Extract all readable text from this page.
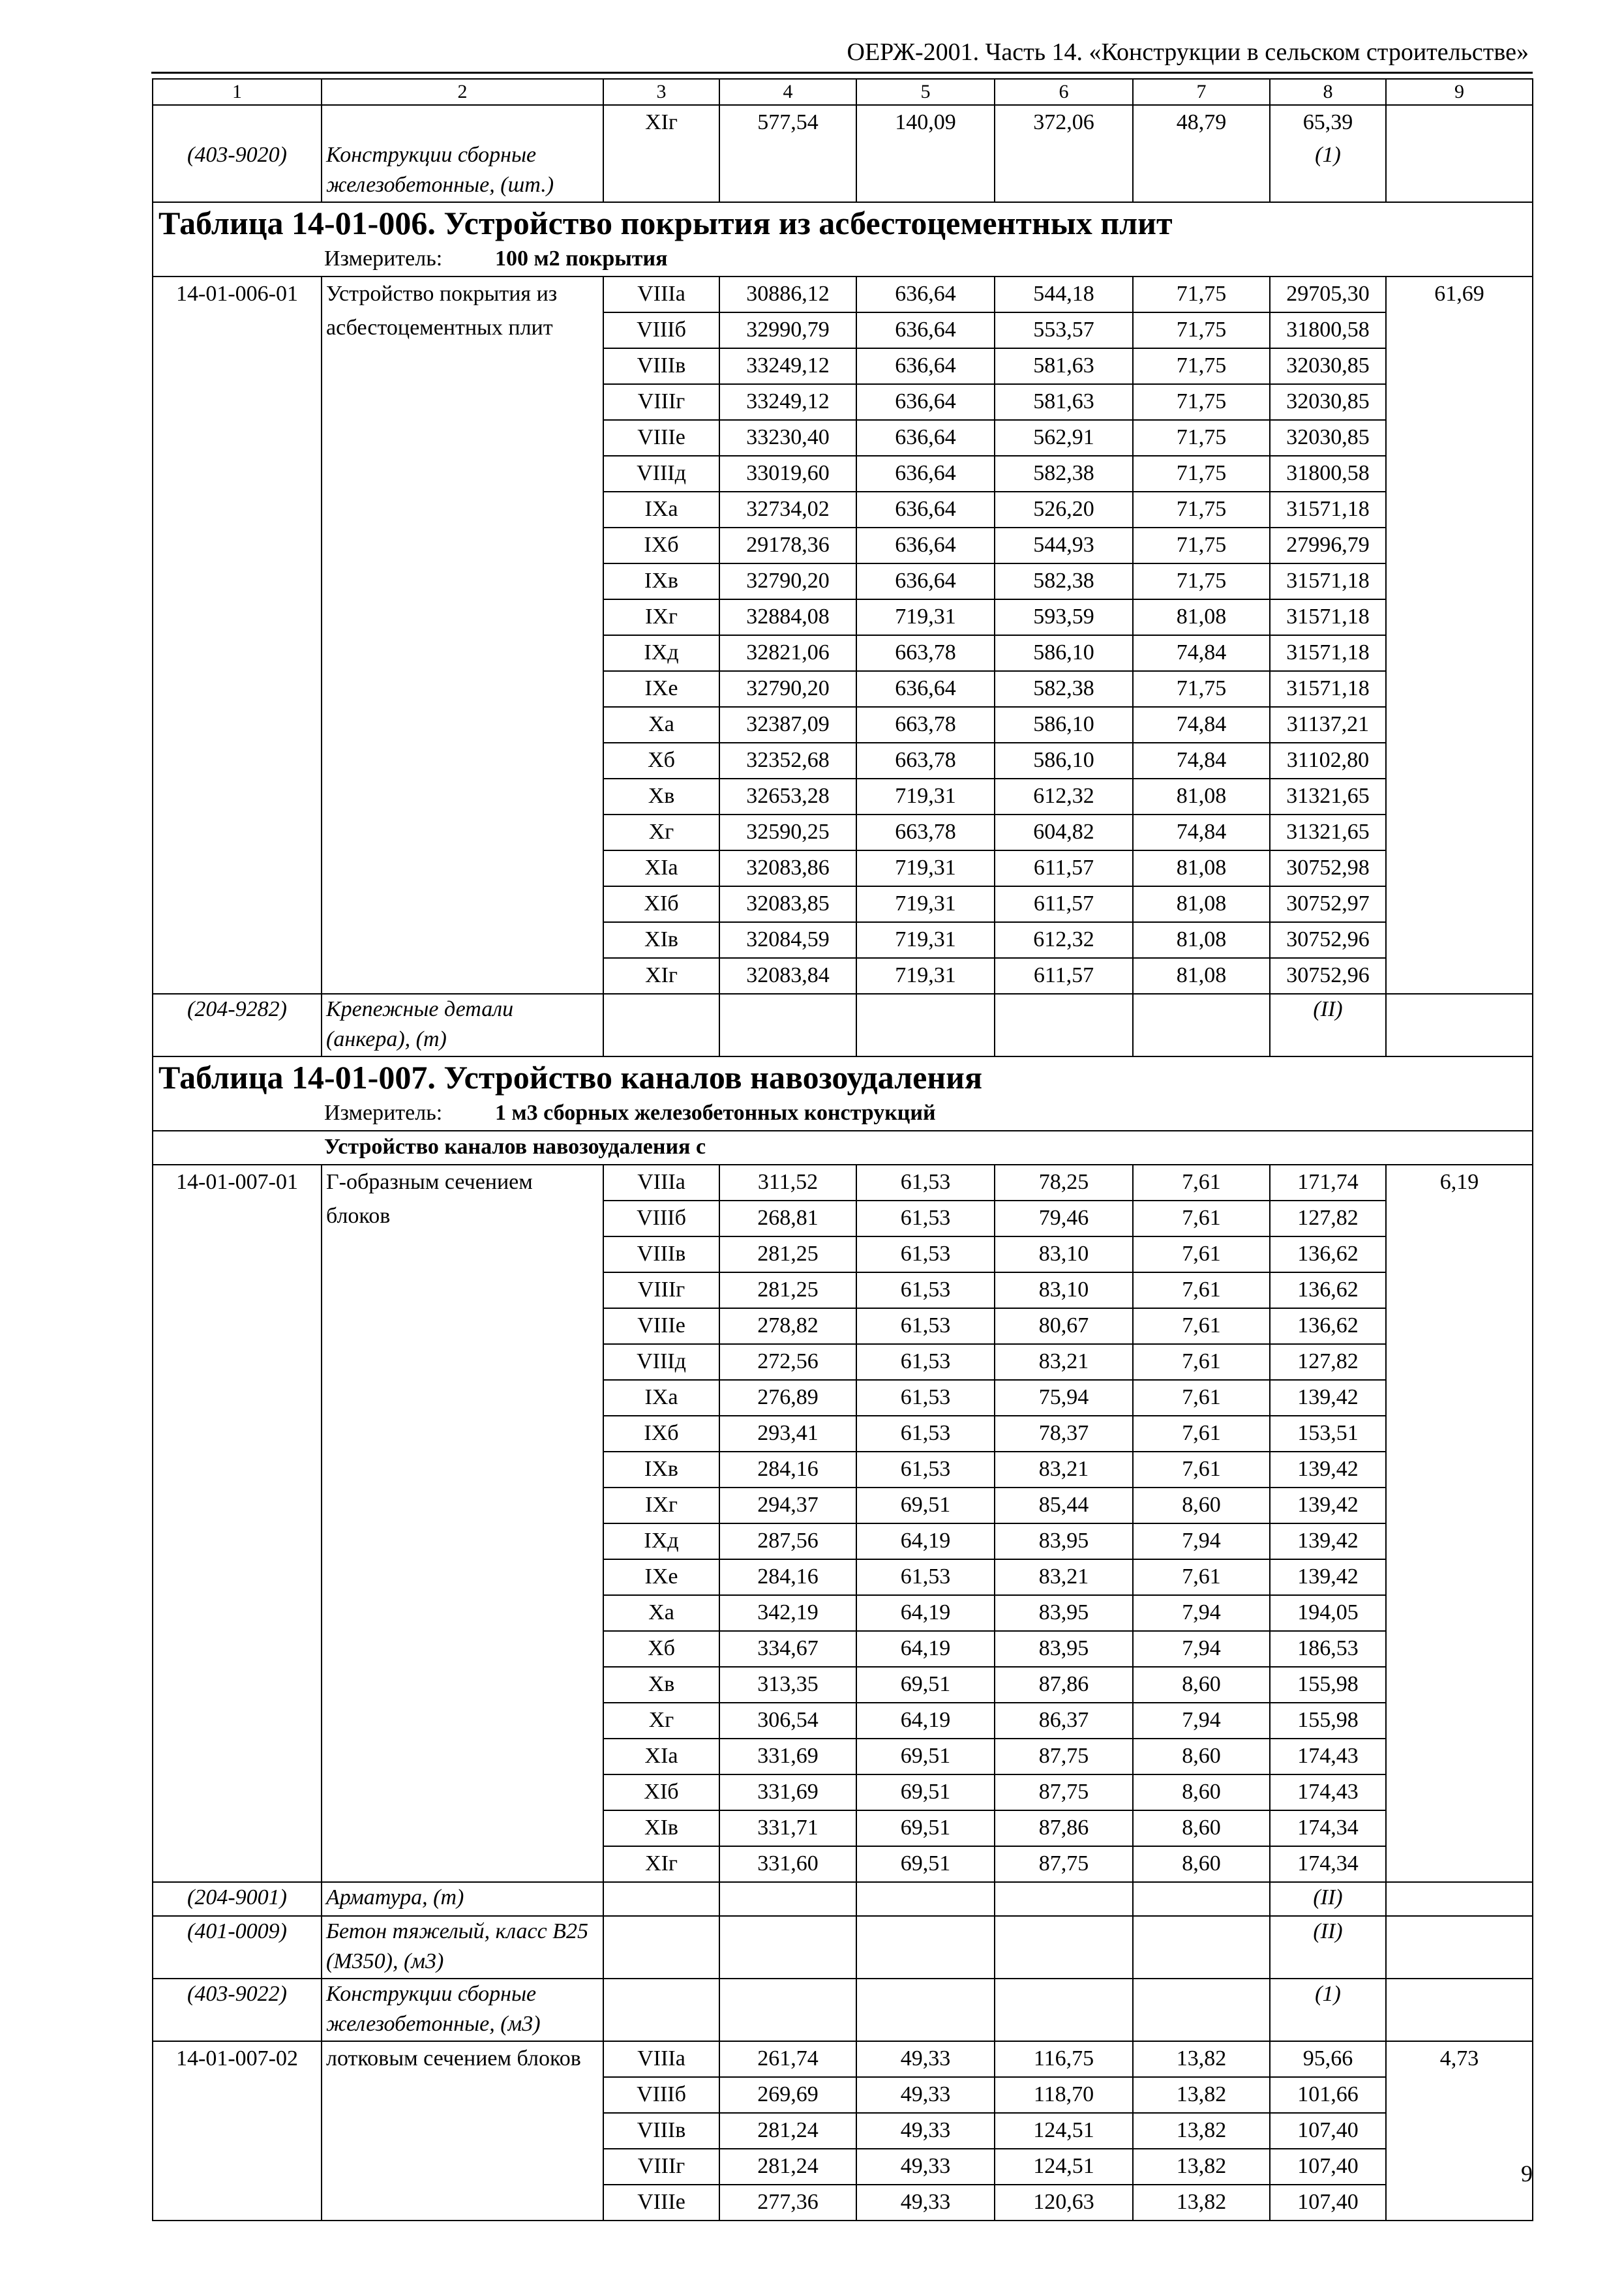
ОЕРЖ-2001. Часть 14. «Конструкции в сельском строительстве»
1	2	3	4	5	6	7	8	9
		XIг	577,54	140,09	372,06	48,79	65,39	
(403-9020)	Конструкции сборные железобетонные, (шт.)						(1)	
Таблица 14-01-006. Устройство покрытия из асбестоцементных плит								
Измеритель: 100 м2 покрытия								
14-01-006-01	Устройство покрытия из асбестоцементных плит	VIIIa	30886,12	636,64	544,18	71,75	29705,30	61,69
		VIIIб	32990,79	636,64	553,57	71,75	31800,58	
		VIIIв	33249,12	636,64	581,63	71,75	32030,85	
		VIIIг	33249,12	636,64	581,63	71,75	32030,85	
		VIIIe	33230,40	636,64	562,91	71,75	32030,85	
		VIIIд	33019,60	636,64	582,38	71,75	31800,58	
		IXa	32734,02	636,64	526,20	71,75	31571,18	
		IXб	29178,36	636,64	544,93	71,75	27996,79	
		IXв	32790,20	636,64	582,38	71,75	31571,18	
		IXг	32884,08	719,31	593,59	81,08	31571,18	
		IXд	32821,06	663,78	586,10	74,84	31571,18	
		IXe	32790,20	636,64	582,38	71,75	31571,18	
		Xa	32387,09	663,78	586,10	74,84	31137,21	
		Xб	32352,68	663,78	586,10	74,84	31102,80	
		Xв	32653,28	719,31	612,32	81,08	31321,65	
		Xг	32590,25	663,78	604,82	74,84	31321,65	
		XIa	32083,86	719,31	611,57	81,08	30752,98	
		XIб	32083,85	719,31	611,57	81,08	30752,97	
		XIв	32084,59	719,31	612,32	81,08	30752,96	
		XIг	32083,84	719,31	611,57	81,08	30752,96	
(204-9282)	Крепежные детали (анкера), (т)						(II)	
Таблица 14-01-007. Устройство каналов навозоудаления								
Измеритель: 1 м3 сборных железобетонных конструкций								
Устройство каналов навозоудаления с								
14-01-007-01	Г-образным сечением блоков	VIIIa	311,52	61,53	78,25	7,61	171,74	6,19
		VIIIб	268,81	61,53	79,46	7,61	127,82	
		VIIIв	281,25	61,53	83,10	7,61	136,62	
		VIIIг	281,25	61,53	83,10	7,61	136,62	
		VIIIe	278,82	61,53	80,67	7,61	136,62	
		VIIIд	272,56	61,53	83,21	7,61	127,82	
		IXa	276,89	61,53	75,94	7,61	139,42	
		IXб	293,41	61,53	78,37	7,61	153,51	
		IXв	284,16	61,53	83,21	7,61	139,42	
		IXг	294,37	69,51	85,44	8,60	139,42	
		IXд	287,56	64,19	83,95	7,94	139,42	
		IXe	284,16	61,53	83,21	7,61	139,42	
		Xa	342,19	64,19	83,95	7,94	194,05	
		Xб	334,67	64,19	83,95	7,94	186,53	
		Xв	313,35	69,51	87,86	8,60	155,98	
		Xг	306,54	64,19	86,37	7,94	155,98	
		XIa	331,69	69,51	87,75	8,60	174,43	
		XIб	331,69	69,51	87,75	8,60	174,43	
		XIв	331,71	69,51	87,86	8,60	174,34	
		XIг	331,60	69,51	87,75	8,60	174,34	
(204-9001)	Арматура, (т)						(II)	
(401-0009)	Бетон тяжелый, класс B25 (М350), (м3)						(II)	
(403-9022)	Конструкции сборные железобетонные, (м3)						(1)	
14-01-007-02	лотковым сечением блоков	VIIIa	261,74	49,33	116,75	13,82	95,66	4,73
		VIIIб	269,69	49,33	118,70	13,82	101,66	
		VIIIв	281,24	49,33	124,51	13,82	107,40	
		VIIIг	281,24	49,33	124,51	13,82	107,40	
		VIIIe	277,36	49,33	120,63	13,82	107,40	
9
